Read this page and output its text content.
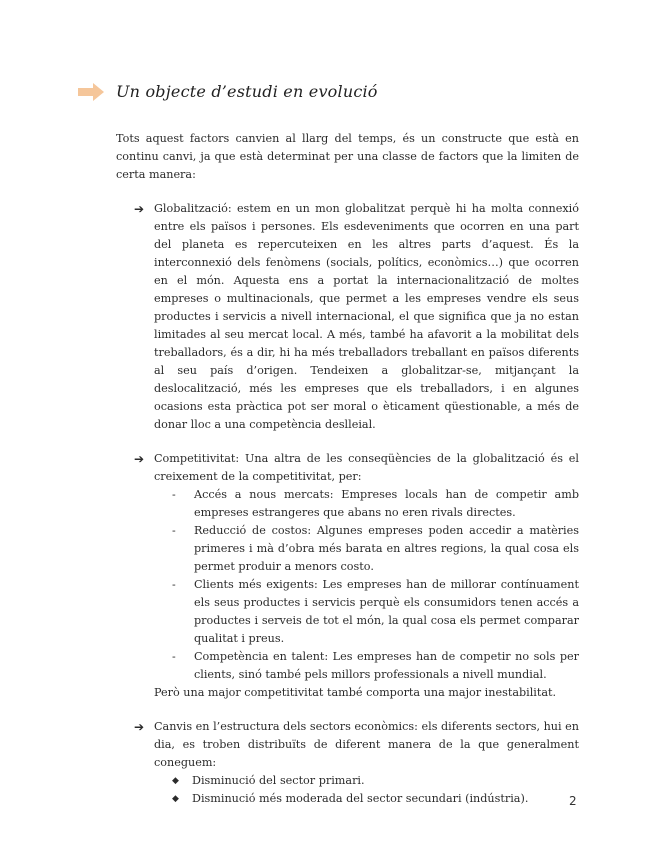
Un objecte d’estudi en evolució

Tots aquest factors canvien al llarg del temps, és un constructe que està en continu canvi, ja que està determinat per una classe de factors que la limiten de certa manera:

➔ Globalització: estem en un mon globalitzat perquè hi ha molta connexió entre els països i persones. Els esdeveniments que ocorren en una part del planeta es repercuteixen en les altres parts d’aquest. És la interconnexió dels fenòmens (socials, polítics, econòmics…) que ocorren en el món. Aquesta ens a portat la internacionalització de moltes empreses o multinacionals, que permet a les empreses vendre els seus productes i servicis a nivell internacional, el que significa que ja no estan limitades al seu mercat local. A més, també ha afavorit a la mobilitat dels treballadors, és a dir, hi ha més treballadors treballant en països diferents al seu país d’origen. Tendeixen a globalitzar-se, mitjançant la deslocalització, més les empreses que els treballadors, i en algunes ocasions esta pràctica pot ser moral o èticament qüestionable, a més de donar lloc a una competència deslleial.

➔ Competitivitat: Una altra de les conseqüències de la globalització és el creixement de la competitivitat, per:

- Accés a nous mercats: Empreses locals han de competir amb empreses estrangeres que abans no eren rivals directes.

- Reducció de costos: Algunes empreses poden accedir a matèries primeres i mà d’obra més barata en altres regions, la qual cosa els permet produir a menors costo.

- Clients més exigents: Les empreses han de millorar contínuament els seus productes i servicis perquè els consumidors tenen accés a productes i serveis de tot el món, la qual cosa els permet comparar qualitat i preus.

- Competència en talent: Les empreses han de competir no sols per clients, sinó també pels millors professionals a nivell mundial.

Però una major competitivitat també comporta una major inestabilitat.

➔ Canvis en l’estructura dels sectors econòmics: els diferents sectors, hui en dia, es troben distribuïts de diferent manera de la que generalment coneguem:

◆ Disminució del sector primari.

◆ Disminució més moderada del sector secundari (indústria).	2
